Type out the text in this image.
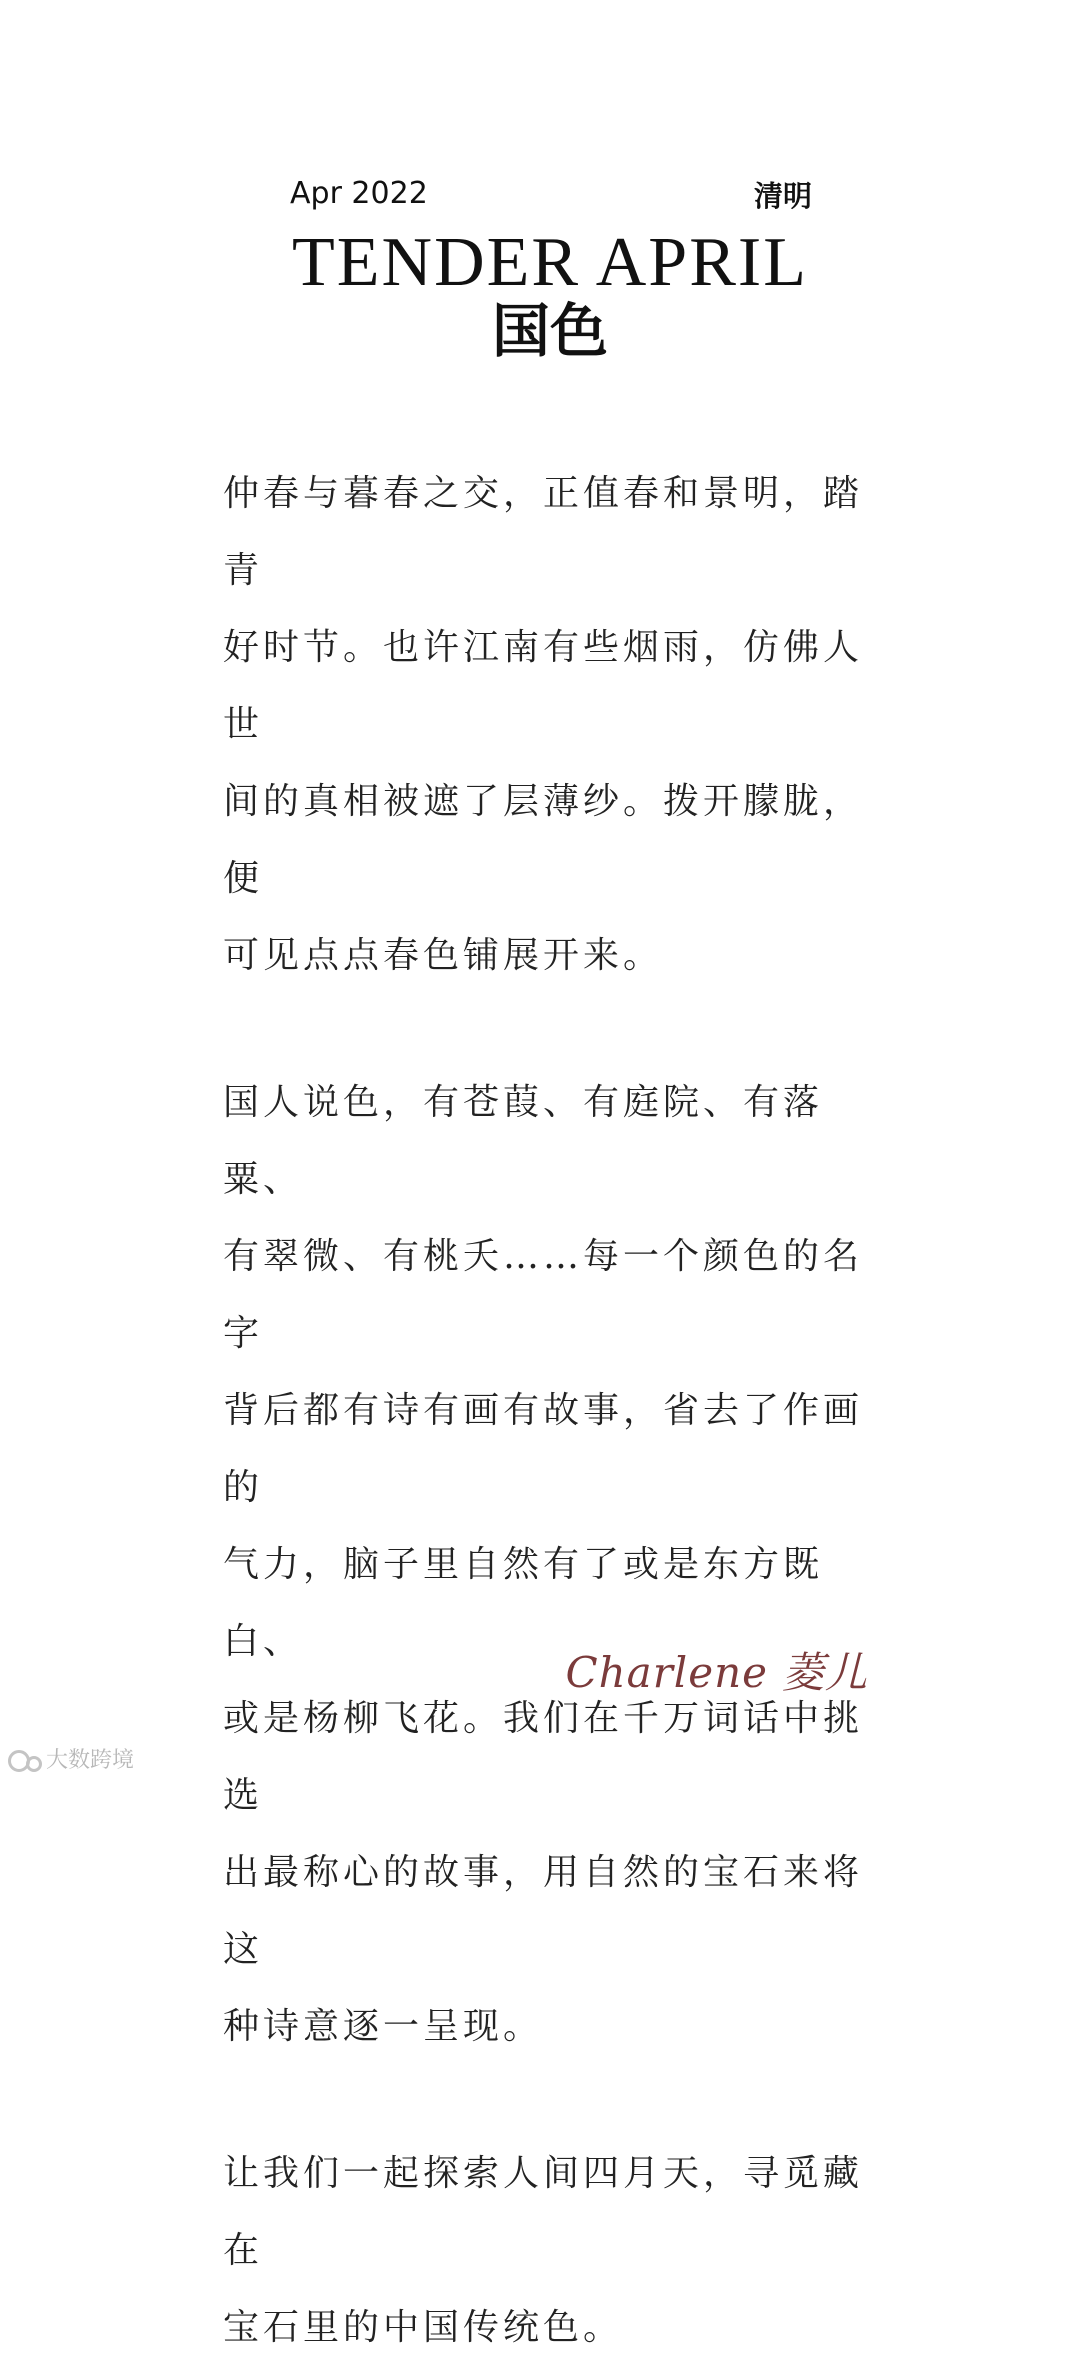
Apr 2022	清明
TENDER APRIL
国色

仲春与暮春之交，正值春和景明，踏青
好时节。也许江南有些烟雨，仿佛人世
间的真相被遮了层薄纱。拨开朦胧，便
可见点点春色铺展开来。

国人说色，有苍葭、有庭院、有落粟、
有翠微、有桃夭……每一个颜色的名字
背后都有诗有画有故事，省去了作画的
气力，脑子里自然有了或是东方既白、
或是杨柳飞花。我们在千万词话中挑选
出最称心的故事，用自然的宝石来将这
种诗意逐一呈现。

让我们一起探索人间四月天，寻觅藏在
宝石里的中国传统色。

Charlene 菱儿
大数跨境
